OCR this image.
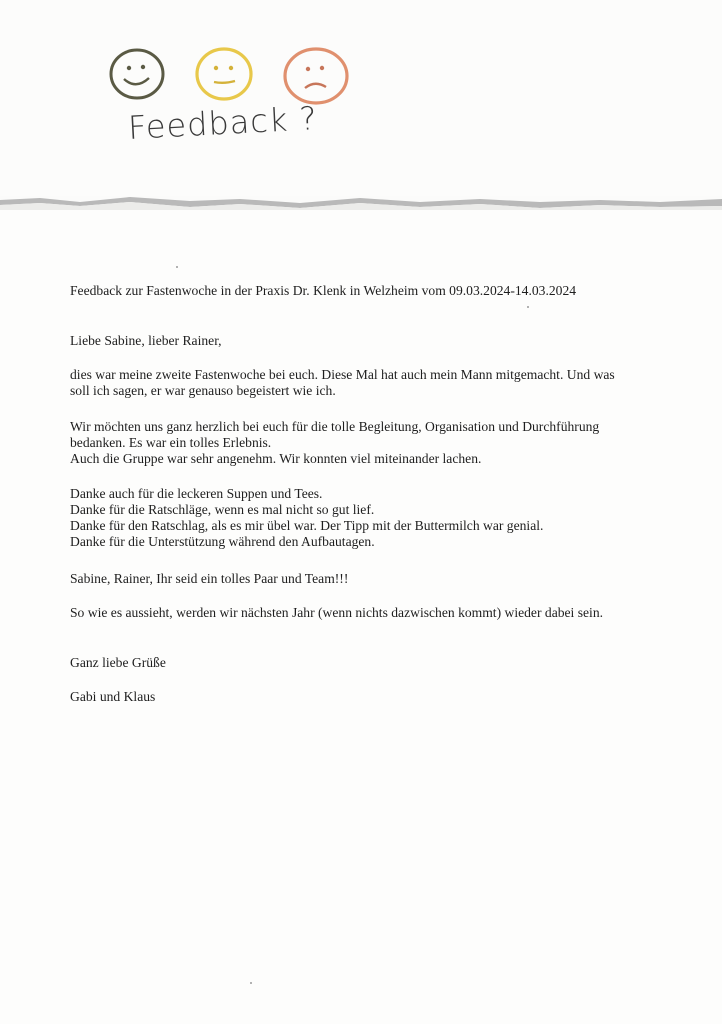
Feedback ?
Feedback zur Fastenwoche in der Praxis Dr. Klenk in Welzheim vom 09.03.2024-14.03.2024
Liebe Sabine, lieber Rainer,
dies war meine zweite Fastenwoche bei euch. Diese Mal hat auch mein Mann mitgemacht. Und was
soll ich sagen, er war genauso begeistert wie ich.
Wir möchten uns ganz herzlich bei euch für die tolle Begleitung, Organisation und Durchführung
bedanken. Es war ein tolles Erlebnis.
Auch die Gruppe war sehr angenehm. Wir konnten viel miteinander lachen.
Danke auch für die leckeren Suppen und Tees.
Danke für die Ratschläge, wenn es mal nicht so gut lief.
Danke für den Ratschlag, als es mir übel war. Der Tipp mit der Buttermilch war genial.
Danke für die Unterstützung während den Aufbautagen.
Sabine, Rainer, Ihr seid ein tolles Paar und Team!!!
So wie es aussieht, werden wir nächsten Jahr (wenn nichts dazwischen kommt) wieder dabei sein.
Ganz liebe Grüße
Gabi und Klaus
